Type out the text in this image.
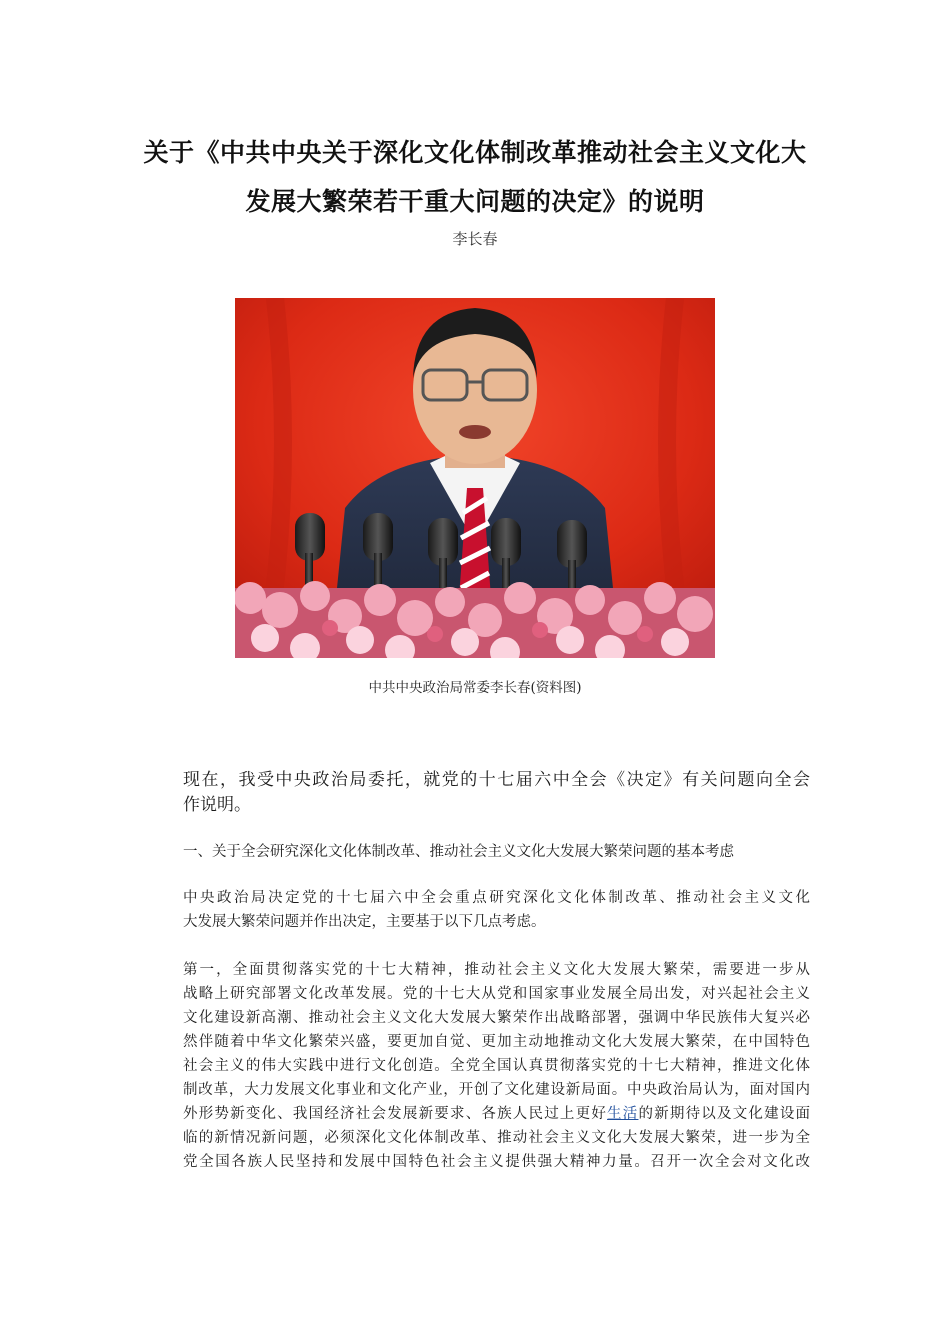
关于《中共中央关于深化文化体制改革推动社会主义文化大
发展大繁荣若干重大问题的决定》的说明
李长春
中共中央政治局常委李长春(资料图)
现在，我受中央政治局委托，就党的十七届六中全会《决定》有关问题向全会
作说明。
一、关于全会研究深化文化体制改革、推动社会主义文化大发展大繁荣问题的基本考虑
中央政治局决定党的十七届六中全会重点研究深化文化体制改革、推动社会主义文化
大发展大繁荣问题并作出决定，主要基于以下几点考虑。
第一，全面贯彻落实党的十七大精神，推动社会主义文化大发展大繁荣，需要进一步从
战略上研究部署文化改革发展。党的十七大从党和国家事业发展全局出发，对兴起社会主义
文化建设新高潮、推动社会主义文化大发展大繁荣作出战略部署，强调中华民族伟大复兴必
然伴随着中华文化繁荣兴盛，要更加自觉、更加主动地推动文化大发展大繁荣，在中国特色
社会主义的伟大实践中进行文化创造。全党全国认真贯彻落实党的十七大精神，推进文化体
制改革，大力发展文化事业和文化产业，开创了文化建设新局面。中央政治局认为，面对国内
外形势新变化、我国经济社会发展新要求、各族人民过上更好生活的新期待以及文化建设面
临的新情况新问题，必须深化文化体制改革、推动社会主义文化大发展大繁荣，进一步为全
党全国各族人民坚持和发展中国特色社会主义提供强大精神力量。召开一次全会对文化改
